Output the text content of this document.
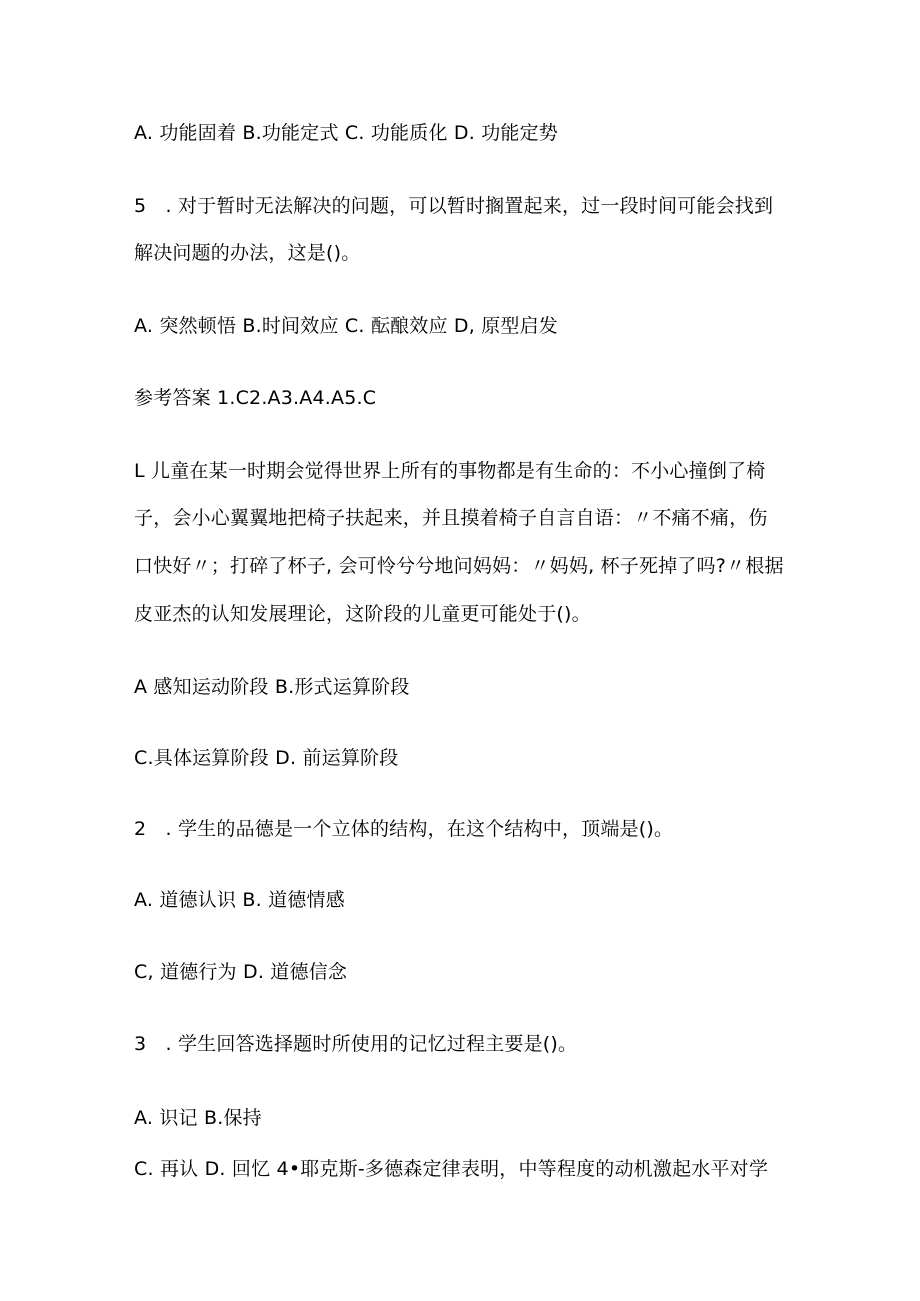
A. 功能固着 B.功能定式 C. 功能质化 D. 功能定势
5　. 对于暂时无法解决的问题，可以暂时搁置起来，过一段时间可能会找到
解决问题的办法，这是()。
A. 突然顿悟 B.时间效应 C. 酝酿效应 D, 原型启发
参考答案 1.C2.A3.A4.A5.C
L 儿童在某一时期会觉得世界上所有的事物都是有生命的：不小心撞倒了椅
子，会小心翼翼地把椅子扶起来，并且摸着椅子自言自语：〃不痛不痛，伤
口快好〃；打碎了杯子, 会可怜兮兮地问妈妈：〃妈妈, 杯子死掉了吗?〃根据
皮亚杰的认知发展理论，这阶段的儿童更可能处于()。
A 感知运动阶段 B.形式运算阶段
C.具体运算阶段 D. 前运算阶段
2　. 学生的品德是一个立体的结构，在这个结构中，顶端是()。
A. 道德认识 B. 道德情感
C, 道德行为 D. 道德信念
3　. 学生回答选择题时所使用的记忆过程主要是()。
A. 识记 B.保持
C. 再认 D. 回忆 4•耶克斯-多德森定律表明，中等程度的动机激起水平对学
